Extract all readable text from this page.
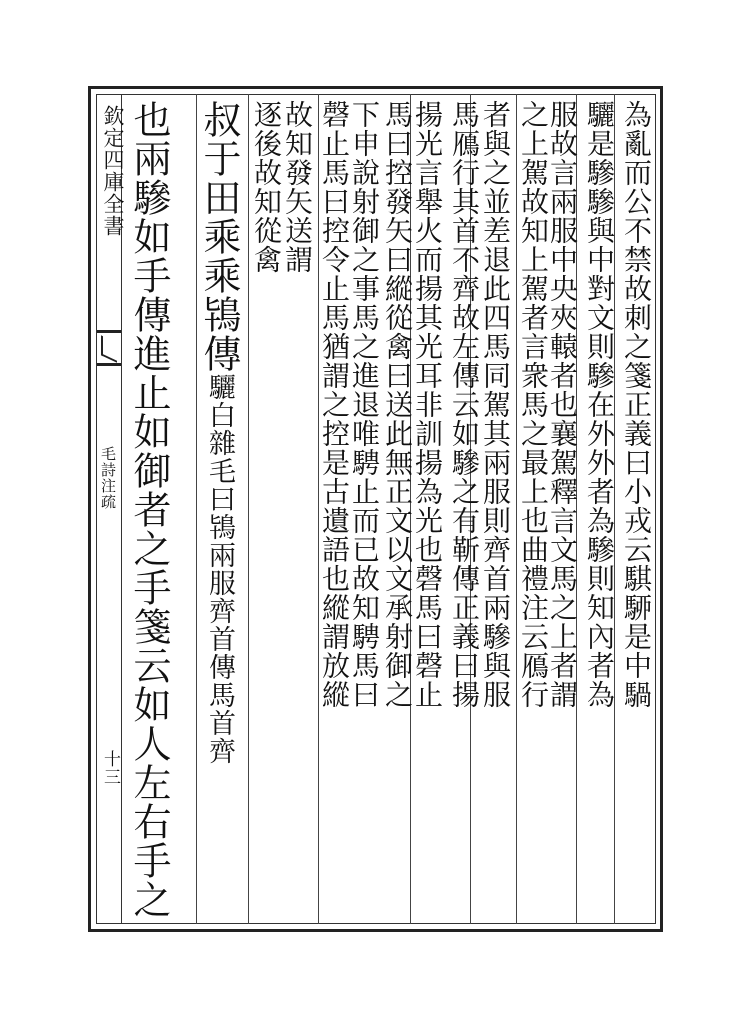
欽定四庫全書
毛詩注疏
十三
為亂而公不禁故刺之箋正義曰小戎云騏駵是中騧
驪是驂驂與中對文則驂在外外者為驂則知內者為
服故言兩服中央夾轅者也襄駕釋言文馬之上者謂
之上駕故知上駕者言衆馬之最上也曲禮注云鴈行
者與之並差退此四馬同駕其兩服則齊首兩驂與服
馬鴈行其首不齊故左傳云如驂之有靳傳正義曰揚
揚光言舉火而揚其光耳非訓揚為光也磬馬曰磬止
馬曰控發矢曰縱從禽曰送此無正文以文承射御之
下申說射御之事馬之進退唯騁止而已故知騁馬曰
磬止馬曰控令止馬猶謂之控是古遺語也縱謂放縱
故知發矢送謂
逐後故知從禽
叔于田乘乘鴇傳驪白雜毛曰鴇兩服齊首傳馬首齊
也兩驂如手傳進止如御者之手箋云如人左右手之
